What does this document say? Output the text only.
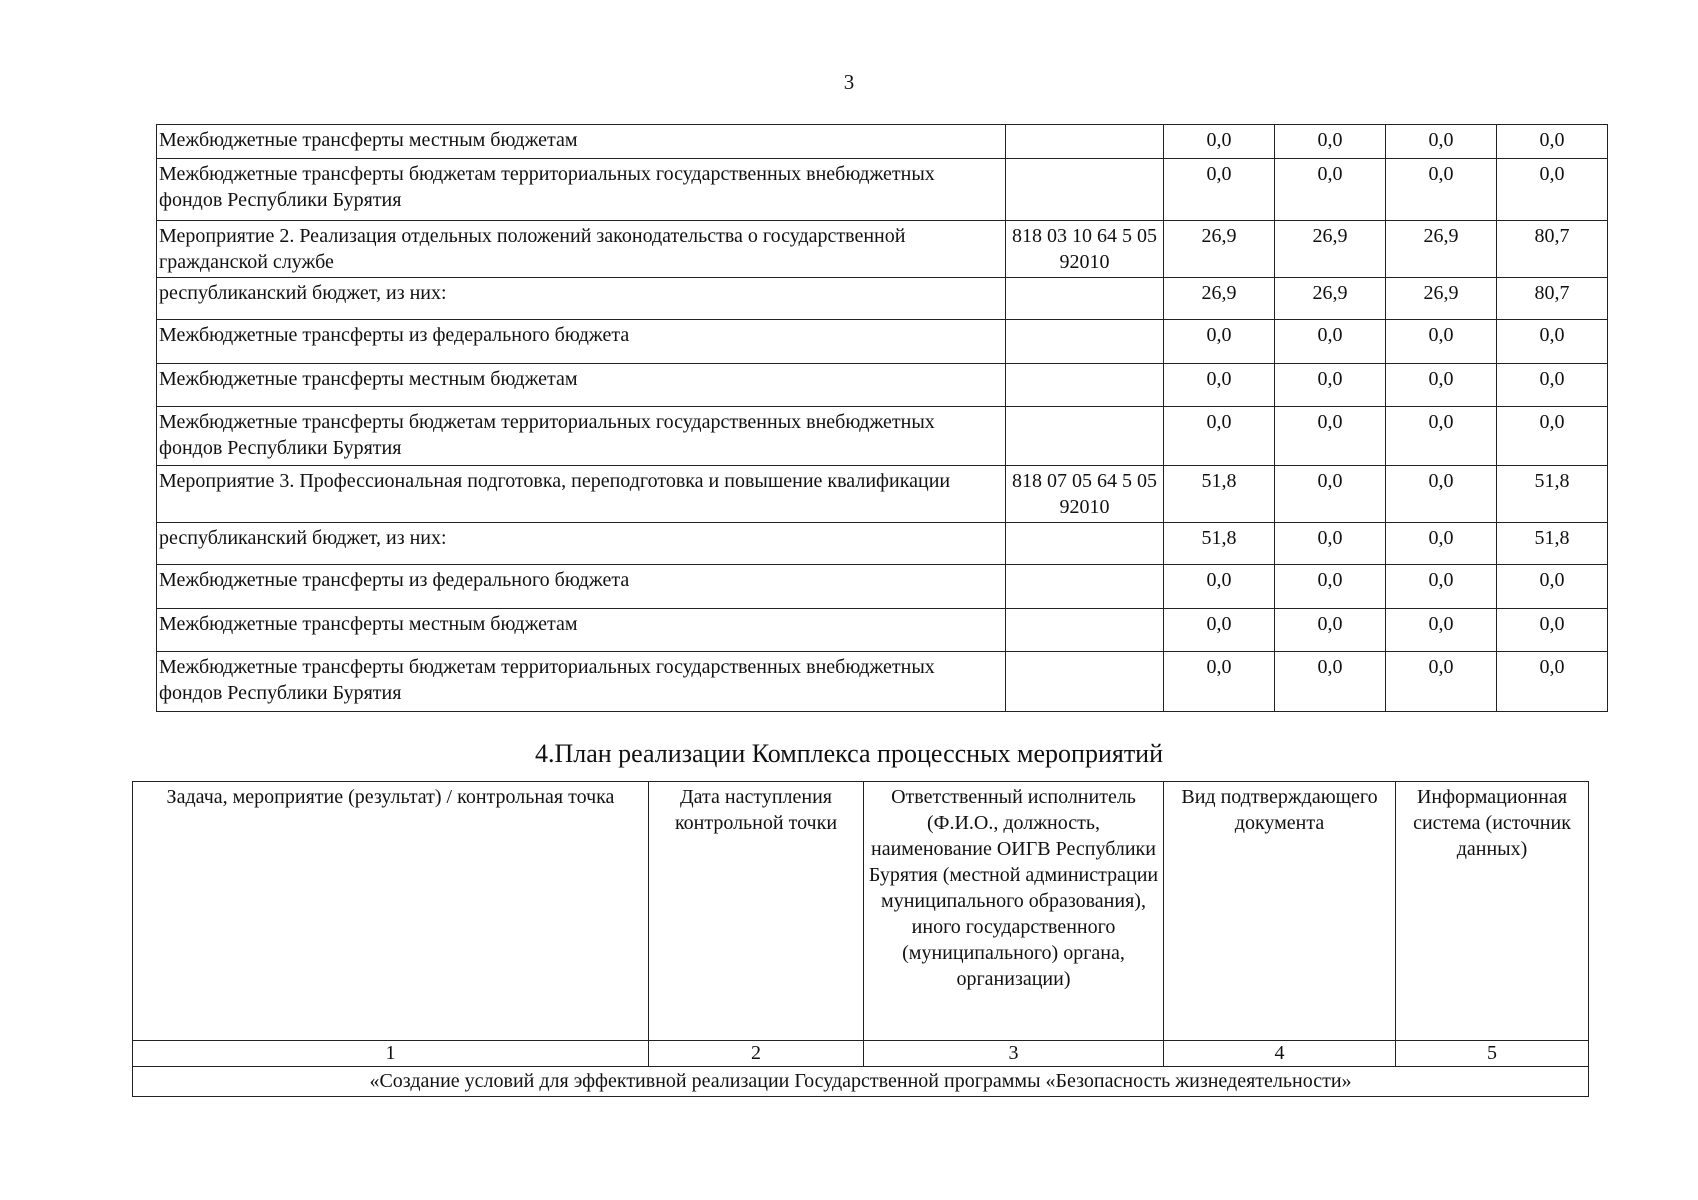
3
Межбюджетные трансферты местным бюджетам		0,0	0,0	0,0	0,0
Межбюджетные трансферты бюджетам территориальных государственных внебюджетных фондов Республики Бурятия		0,0	0,0	0,0	0,0
Мероприятие 2. Реализация отдельных положений законодательства о государственной гражданской службе	818 03 10 64 5 05 92010	26,9	26,9	26,9	80,7
республиканский бюджет, из них:		26,9	26,9	26,9	80,7
Межбюджетные трансферты из федерального бюджета		0,0	0,0	0,0	0,0
Межбюджетные трансферты местным бюджетам		0,0	0,0	0,0	0,0
Межбюджетные трансферты бюджетам территориальных государственных внебюджетных фондов Республики Бурятия		0,0	0,0	0,0	0,0
Мероприятие 3. Профессиональная подготовка, переподготовка и повышение квалификации	818 07 05 64 5 05 92010	51,8	0,0	0,0	51,8
республиканский бюджет, из них:		51,8	0,0	0,0	51,8
Межбюджетные трансферты из федерального бюджета		0,0	0,0	0,0	0,0
Межбюджетные трансферты местным бюджетам		0,0	0,0	0,0	0,0
Межбюджетные трансферты бюджетам территориальных государственных внебюджетных фондов Республики Бурятия		0,0	0,0	0,0	0,0
4.План реализации Комплекса процессных мероприятий
Задача, мероприятие (результат) / контрольная точка	Дата наступления контрольной точки	Ответственный исполнитель (Ф.И.О., должность, наименование ОИГВ Республики Бурятия (местной администрации муниципального образования), иного государственного (муниципального) органа, организации)	Вид подтверждающего документа	Информационная система (источник данных)
1	2	3	4	5
«Создание условий для эффективной реализации Государственной программы «Безопасность жизнедеятельности»				
